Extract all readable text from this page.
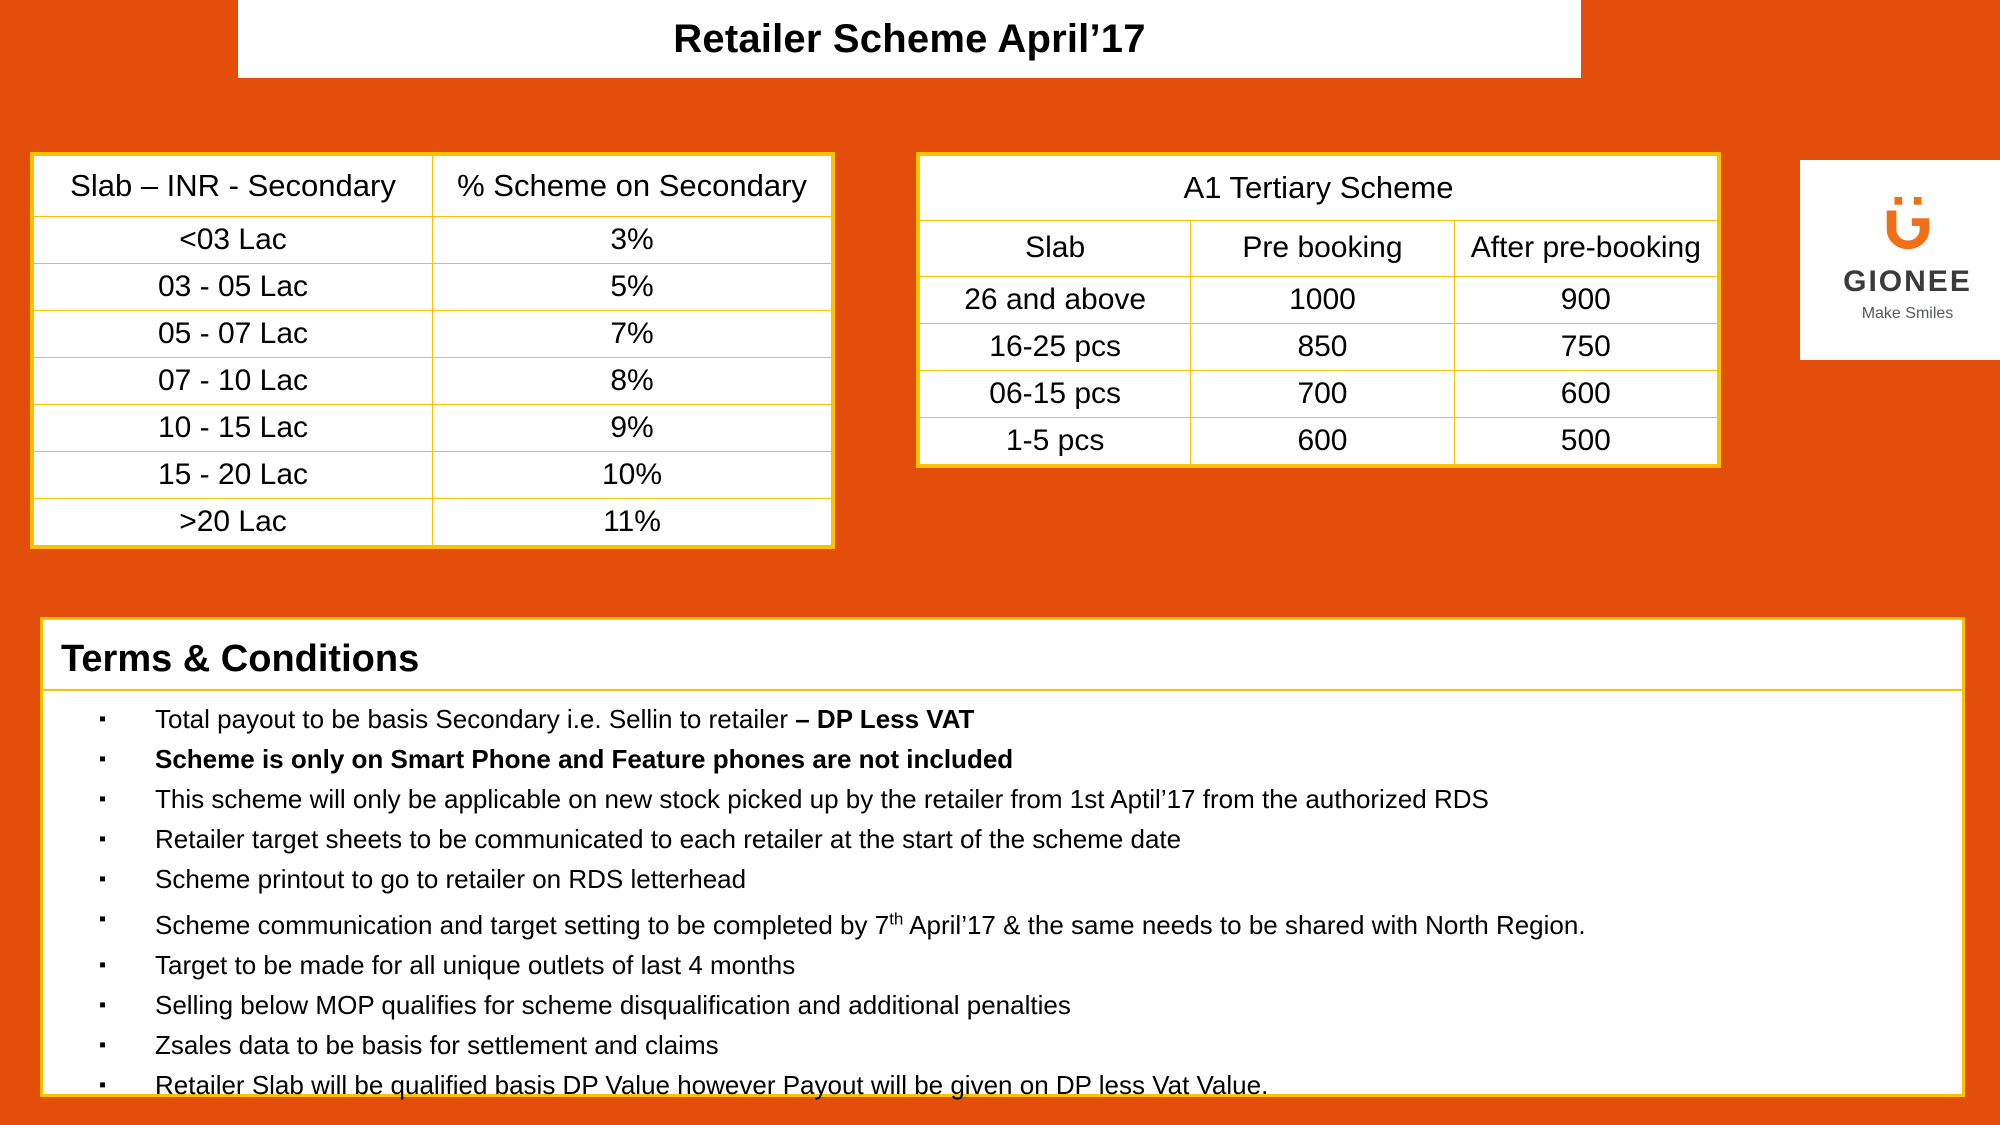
Retailer Scheme April’17
Slab – INR - Secondary	% Scheme on Secondary
<03 Lac	3%
03 - 05 Lac	5%
05 - 07 Lac	7%
07 - 10 Lac	8%
10 - 15 Lac	9%
15 - 20 Lac	10%
>20 Lac	11%
A1 Tertiary Scheme		
Slab	Pre booking	After pre-booking
26 and above	1000	900
16-25 pcs	850	750
06-15 pcs	700	600
1-5 pcs	600	500
GIONEE
Make Smiles
Terms & Conditions
▪ Total payout to be basis Secondary i.e. Sellin to retailer – DP Less VAT
▪ Scheme is only on Smart Phone and Feature phones are not included
▪ This scheme will only be applicable on new stock picked up by the retailer from 1st Aptil’17 from the authorized RDS
▪ Retailer target sheets to be communicated to each retailer at the start of the scheme date
▪ Scheme printout to go to retailer on RDS letterhead
▪ Scheme communication and target setting to be completed by 7th April’17 & the same needs to be shared with North Region.
▪ Target to be made for all unique outlets of last 4 months
▪ Selling below MOP qualifies for scheme disqualification and additional penalties
▪ Zsales data to be basis for settlement and claims
▪ Retailer Slab will be qualified basis DP Value however Payout will be given on DP less Vat Value.
